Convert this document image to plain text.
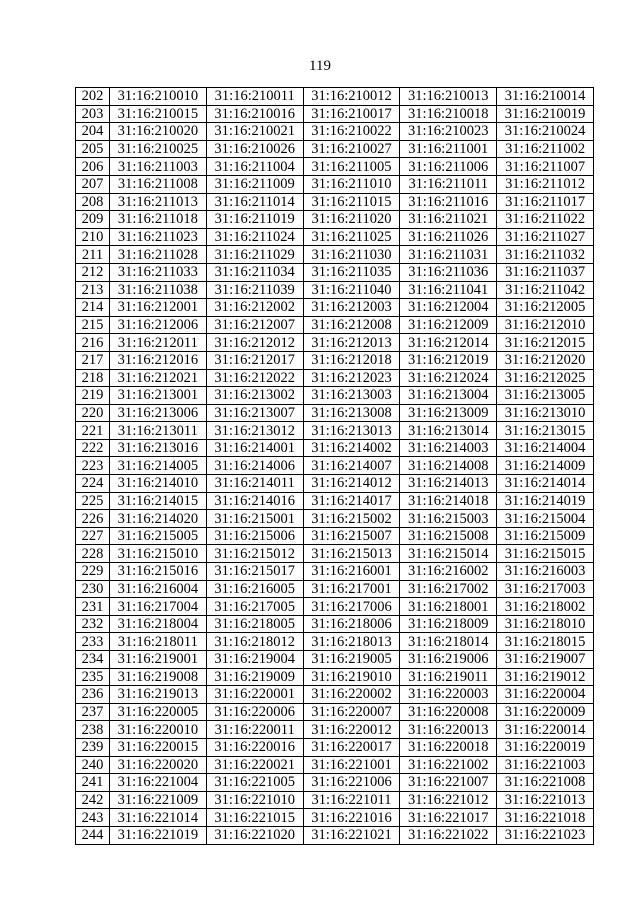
119
202	31:16:210010	31:16:210011	31:16:210012	31:16:210013	31:16:210014
203	31:16:210015	31:16:210016	31:16:210017	31:16:210018	31:16:210019
204	31:16:210020	31:16:210021	31:16:210022	31:16:210023	31:16:210024
205	31:16:210025	31:16:210026	31:16:210027	31:16:211001	31:16:211002
206	31:16:211003	31:16:211004	31:16:211005	31:16:211006	31:16:211007
207	31:16:211008	31:16:211009	31:16:211010	31:16:211011	31:16:211012
208	31:16:211013	31:16:211014	31:16:211015	31:16:211016	31:16:211017
209	31:16:211018	31:16:211019	31:16:211020	31:16:211021	31:16:211022
210	31:16:211023	31:16:211024	31:16:211025	31:16:211026	31:16:211027
211	31:16:211028	31:16:211029	31:16:211030	31:16:211031	31:16:211032
212	31:16:211033	31:16:211034	31:16:211035	31:16:211036	31:16:211037
213	31:16:211038	31:16:211039	31:16:211040	31:16:211041	31:16:211042
214	31:16:212001	31:16:212002	31:16:212003	31:16:212004	31:16:212005
215	31:16:212006	31:16:212007	31:16:212008	31:16:212009	31:16:212010
216	31:16:212011	31:16:212012	31:16:212013	31:16:212014	31:16:212015
217	31:16:212016	31:16:212017	31:16:212018	31:16:212019	31:16:212020
218	31:16:212021	31:16:212022	31:16:212023	31:16:212024	31:16:212025
219	31:16:213001	31:16:213002	31:16:213003	31:16:213004	31:16:213005
220	31:16:213006	31:16:213007	31:16:213008	31:16:213009	31:16:213010
221	31:16:213011	31:16:213012	31:16:213013	31:16:213014	31:16:213015
222	31:16:213016	31:16:214001	31:16:214002	31:16:214003	31:16:214004
223	31:16:214005	31:16:214006	31:16:214007	31:16:214008	31:16:214009
224	31:16:214010	31:16:214011	31:16:214012	31:16:214013	31:16:214014
225	31:16:214015	31:16:214016	31:16:214017	31:16:214018	31:16:214019
226	31:16:214020	31:16:215001	31:16:215002	31:16:215003	31:16:215004
227	31:16:215005	31:16:215006	31:16:215007	31:16:215008	31:16:215009
228	31:16:215010	31:16:215012	31:16:215013	31:16:215014	31:16:215015
229	31:16:215016	31:16:215017	31:16:216001	31:16:216002	31:16:216003
230	31:16:216004	31:16:216005	31:16:217001	31:16:217002	31:16:217003
231	31:16:217004	31:16:217005	31:16:217006	31:16:218001	31:16:218002
232	31:16:218004	31:16:218005	31:16:218006	31:16:218009	31:16:218010
233	31:16:218011	31:16:218012	31:16:218013	31:16:218014	31:16:218015
234	31:16:219001	31:16:219004	31:16:219005	31:16:219006	31:16:219007
235	31:16:219008	31:16:219009	31:16:219010	31:16:219011	31:16:219012
236	31:16:219013	31:16:220001	31:16:220002	31:16:220003	31:16:220004
237	31:16:220005	31:16:220006	31:16:220007	31:16:220008	31:16:220009
238	31:16:220010	31:16:220011	31:16:220012	31:16:220013	31:16:220014
239	31:16:220015	31:16:220016	31:16:220017	31:16:220018	31:16:220019
240	31:16:220020	31:16:220021	31:16:221001	31:16:221002	31:16:221003
241	31:16:221004	31:16:221005	31:16:221006	31:16:221007	31:16:221008
242	31:16:221009	31:16:221010	31:16:221011	31:16:221012	31:16:221013
243	31:16:221014	31:16:221015	31:16:221016	31:16:221017	31:16:221018
244	31:16:221019	31:16:221020	31:16:221021	31:16:221022	31:16:221023
